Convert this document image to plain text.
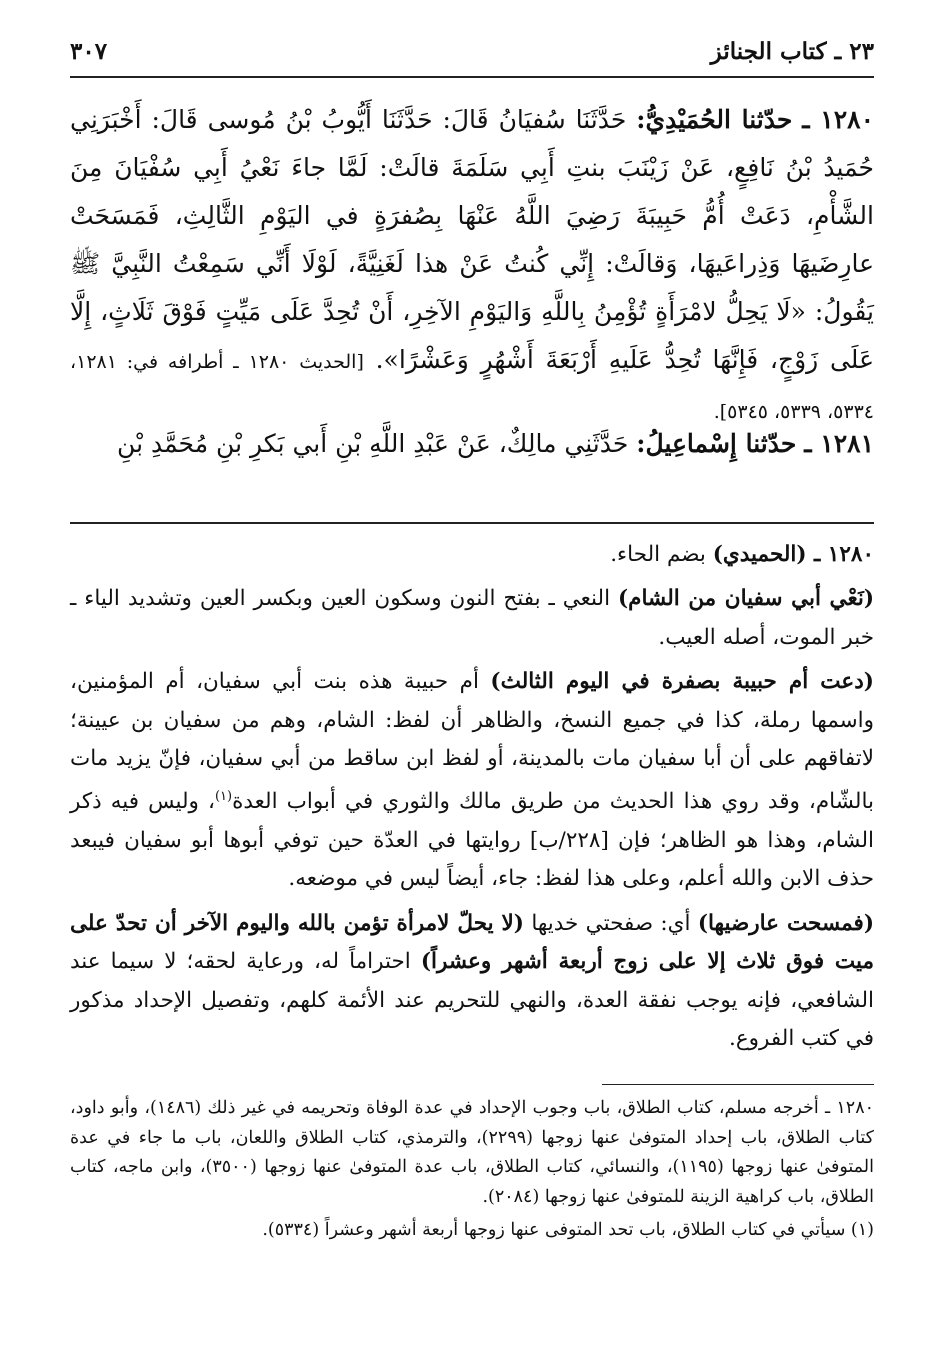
٢٣ ـ كتاب الجنائز
٣٠٧
١٢٨٠ ـ حدّثنا الحُمَيْدِيُّ: حَدَّثَنَا سُفيَانُ قَالَ: حَدَّثَنَا أَيُّوبُ بْنُ مُوسى قَالَ: أَخْبَرَنِي حُمَيدُ بْنُ نَافِعٍ، عَنْ زَيْنَبَ بنتِ أَبِي سَلَمَةَ قالَتْ: لَمَّا جاءَ نَعْيُ أَبِي سُفْيَانَ مِنَ الشَّأْمِ، دَعَتْ أُمُّ حَبِيبَةَ رَضِيَ اللَّهُ عَنْهَا بِصُفرَةٍ في اليَوْمِ الثَّالِثِ، فَمَسَحَتْ عارِضَيهَا وَذِراعَيهَا، وَقالَتْ: إِنِّي كُنتُ عَنْ هذا لَغَنِيَّةً، لَوْلَا أَنِّي سَمِعْتُ النَّبِيَّ ﷺ يَقُولُ: «لَا يَحِلُّ لامْرَأَةٍ تُؤْمِنُ بِاللَّهِ وَاليَوْمِ الآخِرِ، أَنْ تُحِدَّ عَلَى مَيِّتٍ فَوْقَ ثَلَاثٍ، إِلَّا عَلَى زَوْجٍ، فَإِنَّهَا تُحِدُّ عَلَيهِ أَرْبَعَةَ أَشْهُرٍ وَعَشْرًا». [الحديث ١٢٨٠ ـ أطرافه في: ١٢٨١، ٥٣٣٤، ٥٣٣٩، ٥٣٤٥].
١٢٨١ ـ حدّثنا إِسْماعِيلُ: حَدَّثَنِي مالِكٌ، عَنْ عَبْدِ اللَّهِ بْنِ أَبي بَكرِ بْنِ مُحَمَّدِ بْنِ

١٢٨٠ ـ (الحميدي) بضم الحاء.

(نَعْي أبي سفيان من الشام) النعي ـ بفتح النون وسكون العين وبكسر العين وتشديد الياء ـ خبر الموت، أصله العيب.

(دعت أم حبيبة بصفرة في اليوم الثالث) أم حبيبة هذه بنت أبي سفيان، أم المؤمنين، واسمها رملة، كذا في جميع النسخ، والظاهر أن لفظ: الشام، وهم من سفيان بن عيينة؛ لاتفاقهم على أن أبا سفيان مات بالمدينة، أو لفظ ابن ساقط من أبي سفيان، فإنّ يزيد مات بالشّام، وقد روي هذا الحديث من طريق مالك والثوري في أبواب العدة$^{(١)}$، وليس فيه ذكر الشام، وهذا هو الظاهر؛ فإن [٢٢٨/ب] روايتها في العدّة حين توفي أبوها أبو سفيان فيبعد حذف الابن والله أعلم، وعلى هذا لفظ: جاء، أيضاً ليس في موضعه.

(فمسحت عارضيها) أي: صفحتي خديها (لا يحلّ لامرأة تؤمن بالله واليوم الآخر أن تحدّ على ميت فوق ثلاث إلا على زوج أربعة أشهر وعشراً) احتراماً له، ورعاية لحقه؛ لا سيما عند الشافعي، فإنه يوجب نفقة العدة، والنهي للتحريم عند الأئمة كلهم، وتفصيل الإحداد مذكور في كتب الفروع.

١٢٨٠ ـ أخرجه مسلم، كتاب الطلاق، باب وجوب الإحداد في عدة الوفاة وتحريمه في غير ذلك (١٤٨٦)، وأبو داود، كتاب الطلاق، باب إحداد المتوفىٰ عنها زوجها (٢٢٩٩)، والترمذي، كتاب الطلاق واللعان، باب ما جاء في عدة المتوفىٰ عنها زوجها (١١٩٥)، والنسائي، كتاب الطلاق، باب عدة المتوفىٰ عنها زوجها (٣٥٠٠)، وابن ماجه، كتاب الطلاق، باب كراهية الزينة للمتوفىٰ عنها زوجها (٢٠٨٤).

(١) سيأتي في كتاب الطلاق، باب تحد المتوفى عنها زوجها أربعة أشهر وعشراً (٥٣٣٤).
